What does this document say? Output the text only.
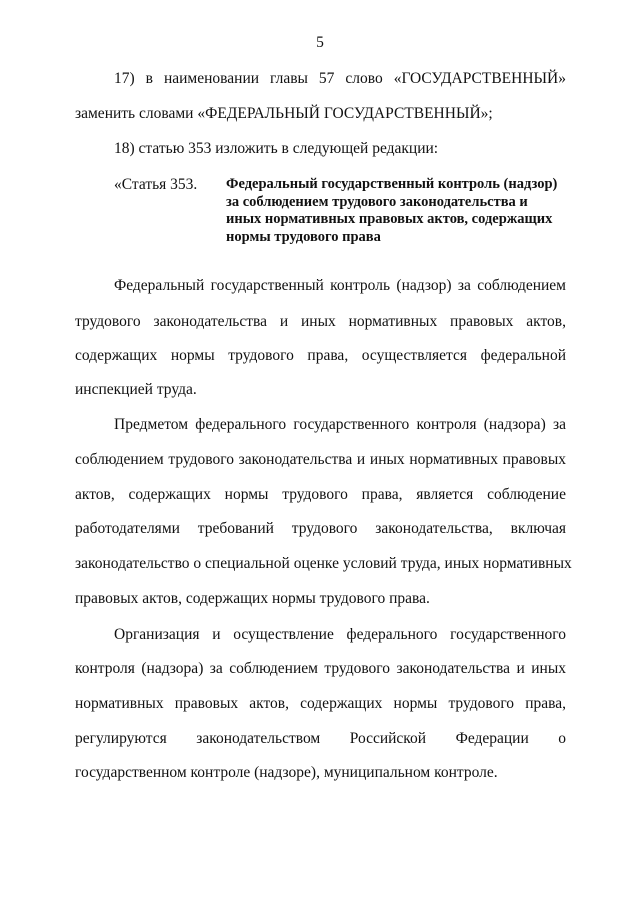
5
17) в наименовании главы 57 слово «ГОСУДАРСТВЕННЫЙ»
заменить словами «ФЕДЕРАЛЬНЫЙ ГОСУДАРСТВЕННЫЙ»;
18) статью 353 изложить в следующей редакции:
«Статья 353. Федеральный государственный контроль (надзор) за соблюдением трудового законодательства и иных нормативных правовых актов, содержащих нормы трудового права
Федеральный государственный контроль (надзор) за соблюдением
трудового законодательства и иных нормативных правовых актов,
содержащих нормы трудового права, осуществляется федеральной
инспекцией труда.
Предметом федерального государственного контроля (надзора) за
соблюдением трудового законодательства и иных нормативных правовых
актов, содержащих нормы трудового права, является соблюдение
работодателями требований трудового законодательства, включая
законодательство о специальной оценке условий труда, иных нормативных
правовых актов, содержащих нормы трудового права.
Организация и осуществление федерального государственного
контроля (надзора) за соблюдением трудового законодательства и иных
нормативных правовых актов, содержащих нормы трудового права,
регулируются законодательством Российской Федерации о
государственном контроле (надзоре), муниципальном контроле.
